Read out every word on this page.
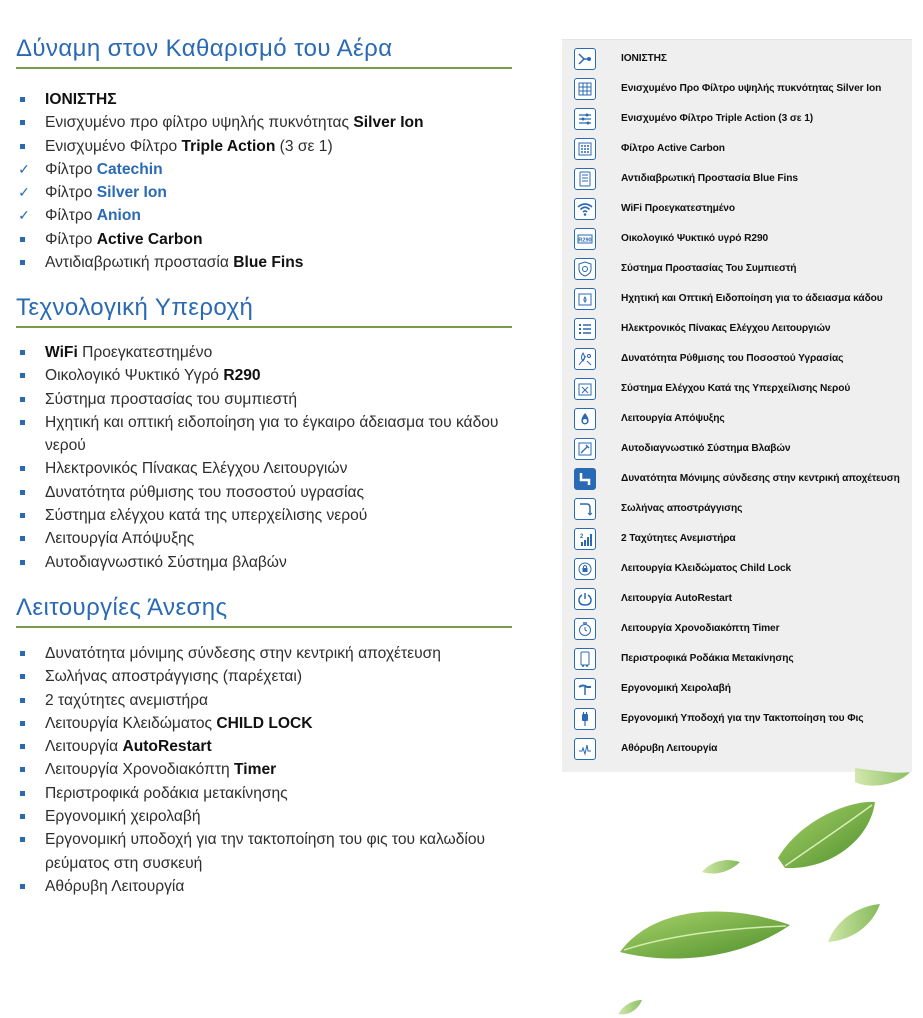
Δύναμη στον Καθαρισμό του Αέρα
ΙΟΝΙΣΤΗΣ
Ενισχυμένο προ φίλτρο υψηλής πυκνότητας Silver Ion
Ενισχυμένο Φίλτρο Triple Action (3 σε 1)
✓ Φίλτρο Catechin
✓ Φίλτρο Silver Ion
✓ Φίλτρο Anion
Φίλτρο Active Carbon
Αντιδιαβρωτική προστασία Blue Fins
Τεχνολογική Υπεροχή
WiFi Προεγκατεστημένο
Οικολογικό Ψυκτικό Υγρό R290
Σύστημα προστασίας του συμπιεστή
Ηχητική και οπτική ειδοποίηση για το έγκαιρο άδειασμα του κάδου νερού
Ηλεκτρονικός Πίνακας Ελέγχου Λειτουργιών
Δυνατότητα ρύθμισης του ποσοστού υγρασίας
Σύστημα ελέγχου κατά της υπερχείλισης νερού
Λειτουργία Απόψυξης
Αυτοδιαγνωστικό Σύστημα βλαβών
Λειτουργίες Άνεσης
Δυνατότητα μόνιμης σύνδεσης στην κεντρική αποχέτευση
Σωλήνας αποστράγγισης (παρέχεται)
2 ταχύτητες ανεμιστήρα
Λειτουργία Κλειδώματος CHILD LOCK
Λειτουργία AutoRestart
Λειτουργία Χρονοδιακόπτη Timer
Περιστροφικά ροδάκια μετακίνησης
Εργονομική χειρολαβή
Εργονομική υποδοχή για την τακτοποίηση του φις του καλωδίου ρεύματος στη συσκευή
Αθόρυβη Λειτουργία
ΙΟΝΙΣΤΗΣ
Ενισχυμένο Προ Φίλτρο υψηλής πυκνότητας Silver Ion
Ενισχυμένο Φίλτρο Triple Action (3 σε 1)
Φίλτρο Active Carbon
Αντιδιαβρωτική Προστασία Blue Fins
WiFi Προεγκατεστημένο
R290	Οικολογικό Ψυκτικό υγρό R290
Σύστημα Προστασίας Του Συμπιεστή
Ηχητική και Οπτική Ειδοποίηση για το άδειασμα κάδου
Ηλεκτρονικός Πίνακας Ελέγχου Λειτουργιών
Δυνατότητα Ρύθμισης του Ποσοστού Υγρασίας
Σύστημα Ελέγχου Κατά της Υπερχείλισης Νερού
Λειτουργία Απόψυξης
Αυτοδιαγνωστικό Σύστημα Βλαβών
Δυνατότητα Μόνιμης σύνδεσης στην κεντρική αποχέτευση
Σωλήνας αποστράγγισης
2	2 Ταχύτητες Ανεμιστήρα
Λειτουργία Κλειδώματος Child Lock
Λειτουργία AutoRestart
Λειτουργία Χρονοδιακόπτη Timer
Περιστροφικά Ροδάκια Μετακίνησης
Εργονομική Χειρολαβή
Εργονομική Υποδοχή για την Τακτοποίηση του Φις
Αθόρυβη Λειτουργία
